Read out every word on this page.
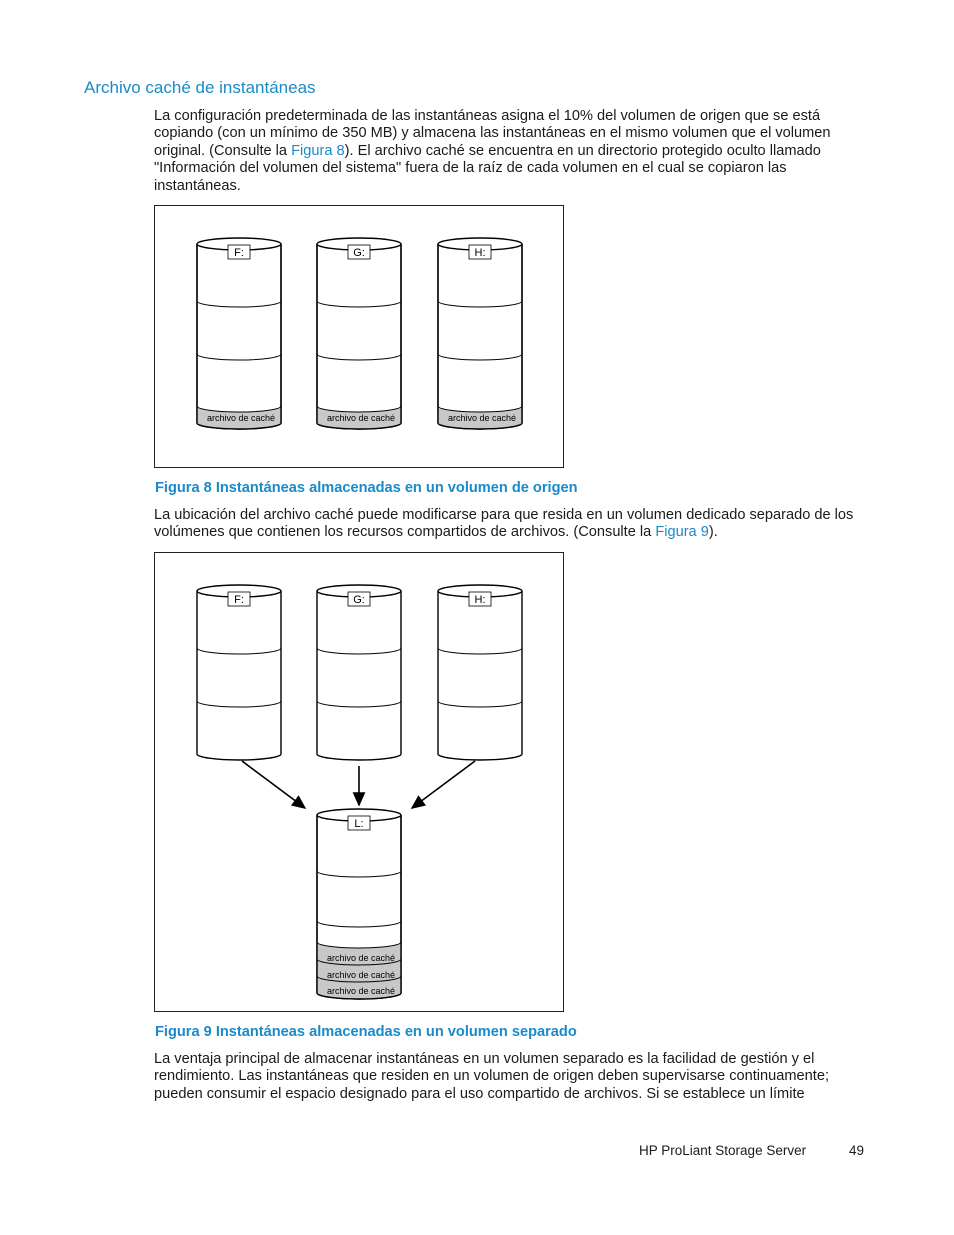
Archivo caché de instantáneas

La configuración predeterminada de las instantáneas asigna el 10% del volumen de origen que se está copiando (con un mínimo de 350 MB) y almacena las instantáneas en el mismo volumen que el volumen original. (Consulte la Figura 8). El archivo caché se encuentra en un directorio protegido oculto llamado "Información del volumen del sistema" fuera de la raíz de cada volumen en el cual se copiaron las instantáneas.

F:
archivo de caché
G:
archivo de caché
H:
archivo de caché
Figura 8 Instantáneas almacenadas en un volumen de origen

La ubicación del archivo caché puede modificarse para que resida en un volumen dedicado separado de los volúmenes que contienen los recursos compartidos de archivos. (Consulte la Figura 9).

F:	G:	H:
L:
archivo de caché
archivo de caché
archivo de caché
Figura 9 Instantáneas almacenadas en un volumen separado

La ventaja principal de almacenar instantáneas en un volumen separado es la facilidad de gestión y el rendimiento. Las instantáneas que residen en un volumen de origen deben supervisarse continuamente; pueden consumir el espacio designado para el uso compartido de archivos. Si se establece un límite

HP ProLiant Storage Server	49
